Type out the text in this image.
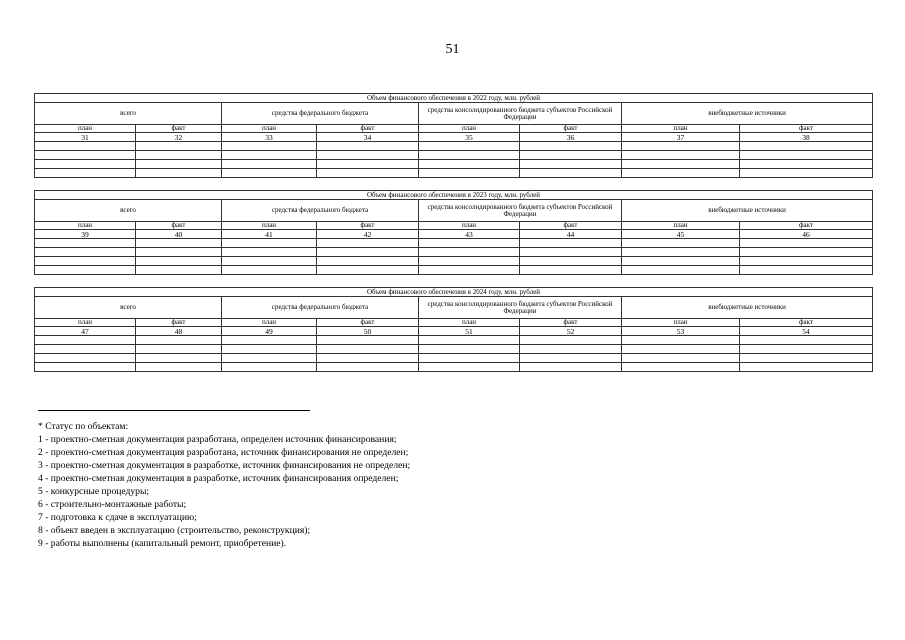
51
Объем финансового обеспечения в 2022 году, млн. рублей							
всего		средства федерального бюджета		средства консолидированного бюджета субъектов Российской Федерации		внебюджетные источники	
план	факт	план	факт	план	факт	план	факт
31	32	33	34	35	36	37	38

Объем финансового обеспечения в 2023 году, млн. рублей							
всего		средства федерального бюджета		средства консолидированного бюджета субъектов Российской Федерации		внебюджетные источники	
план	факт	план	факт	план	факт	план	факт
39	40	41	42	43	44	45	46

Объем финансового обеспечения в 2024 году, млн. рублей							
всего		средства федерального бюджета		средства консолидированного бюджета субъектов Российской Федерации		внебюджетные источники	
план	факт	план	факт	план	факт	план	факт
47	48	49	50	51	52	53	54

* Статус по объектам:
1 - проектно-сметная документация разработана, определен источник финансирования;
2 - проектно-сметная документация разработана, источник финансирования не определен;
3 - проектно-сметная документация в разработке, источник финансирования не определен;
4 - проектно-сметная документация в разработке, источник финансирования определен;
5 - конкурсные процедуры;
6 - строительно-монтажные работы;
7 - подготовка к сдаче в эксплуатацию;
8 - объект введен в эксплуатацию (строительство, реконструкция);
9 - работы выполнены (капитальный ремонт, приобретение).
